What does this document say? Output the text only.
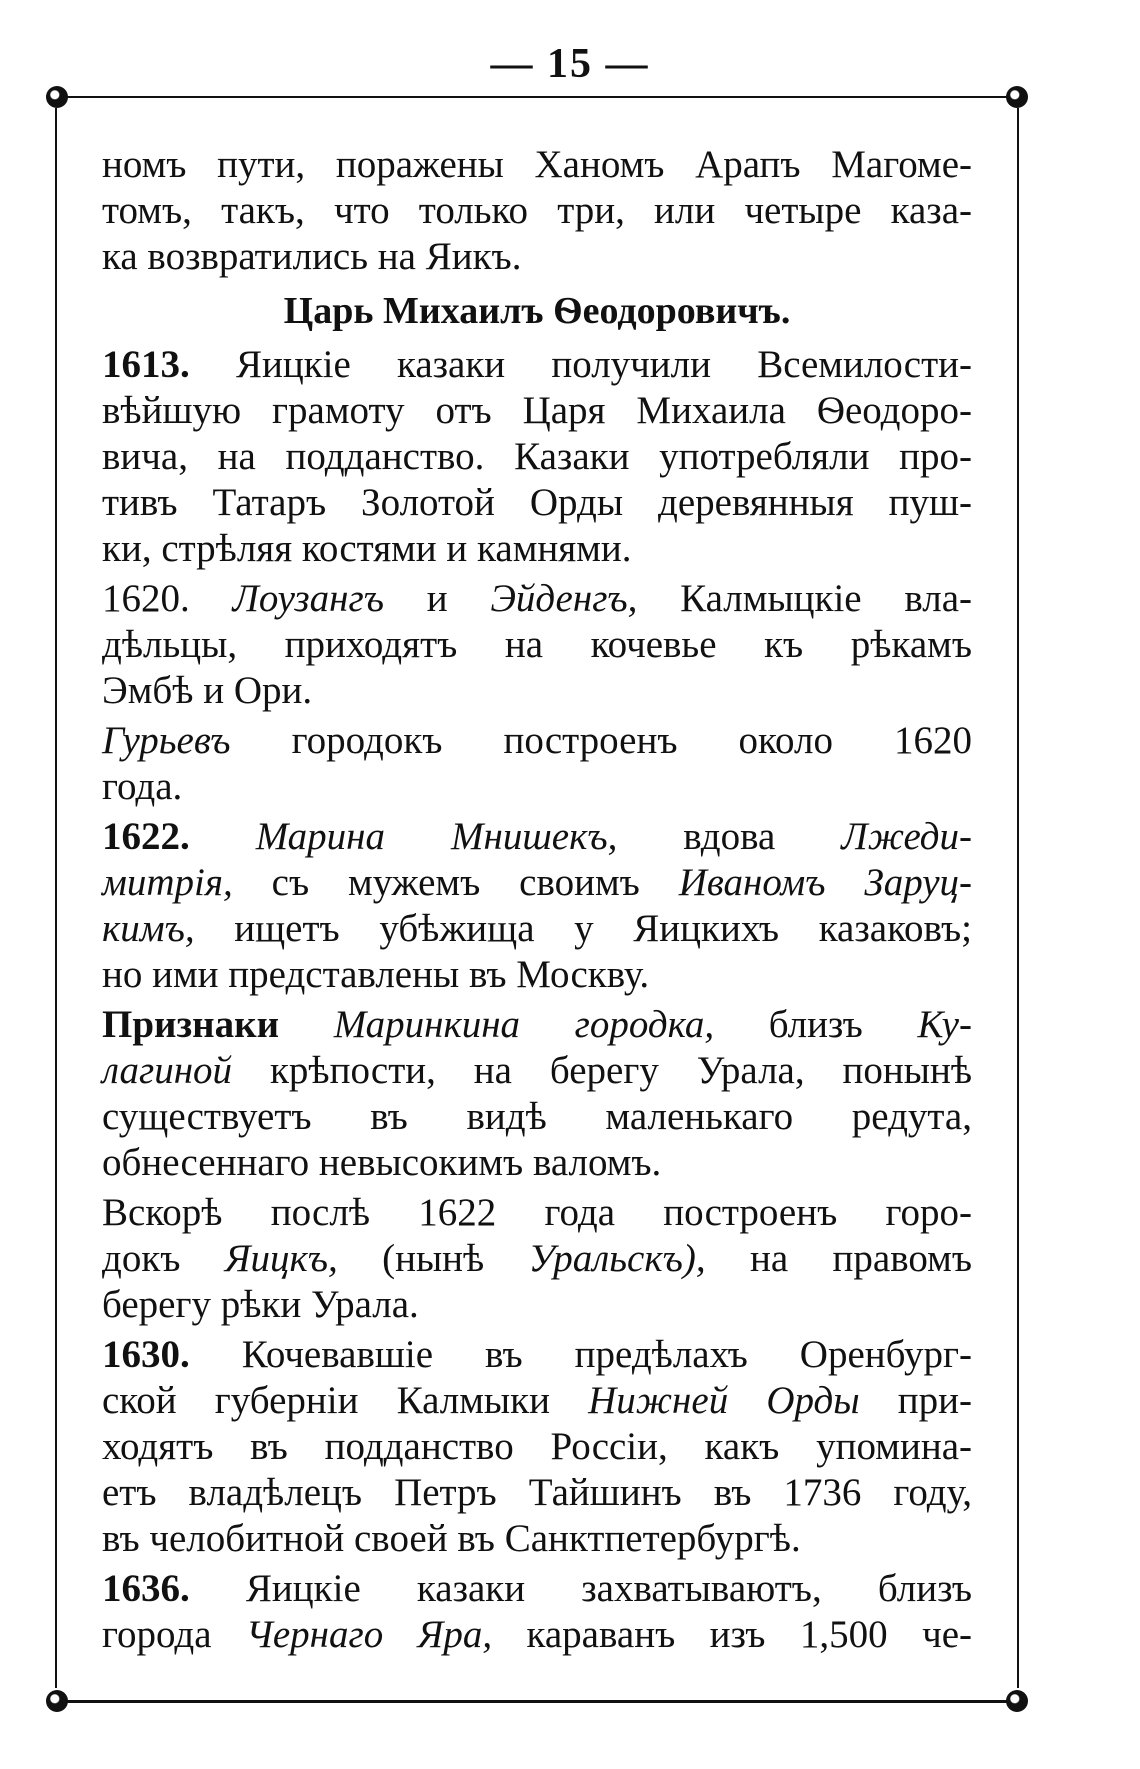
— 15 —
номъ пути, поражены Ханомъ Арапъ Магоме-
томъ, такъ, что только три, или четыре каза-
ка возвратились на Яикъ.
Царь Михаилъ Ѳеодоровичъ.
1613. Яицкіе казаки получили Всемилости-
вѣйшую грамоту отъ Царя Михаила Ѳеодоро-
вича, на подданство. Казаки употребляли про-
тивъ Татаръ Золотой Орды деревянныя пуш-
ки, стрѣляя костями и камнями.
1620. Лоузангъ и Эйденгъ, Калмыцкіе вла-
дѣльцы, приходятъ на кочевье къ рѣкамъ
Эмбѣ и Ори.
Гурьевъ городокъ построенъ около 1620
года.
1622. Марина Мнишекъ, вдова Лжеди-
митрія, съ мужемъ своимъ Иваномъ Заруц-
кимъ, ищетъ убѣжища у Яицкихъ казаковъ;
но ими представлены въ Москву.
Признаки Маринкина городка, близъ Ку-
лагиной крѣпости, на берегу Урала, понынѣ
существуетъ въ видѣ маленькаго редута,
обнесеннаго невысокимъ валомъ.
Вскорѣ послѣ 1622 года построенъ горо-
докъ Яицкъ, (нынѣ Уральскъ), на правомъ
берегу рѣки Урала.
1630. Кочевавшіе въ предѣлахъ Оренбург-
ской губерніи Калмыки Нижней Орды при-
ходятъ въ подданство Россіи, какъ упомина-
етъ владѣлецъ Петръ Тайшинъ въ 1736 году,
въ челобитной своей въ Санктпетербургѣ.
1636. Яицкіе казаки захватываютъ, близъ
города Чернаго Яра, караванъ изъ 1,500 че-
